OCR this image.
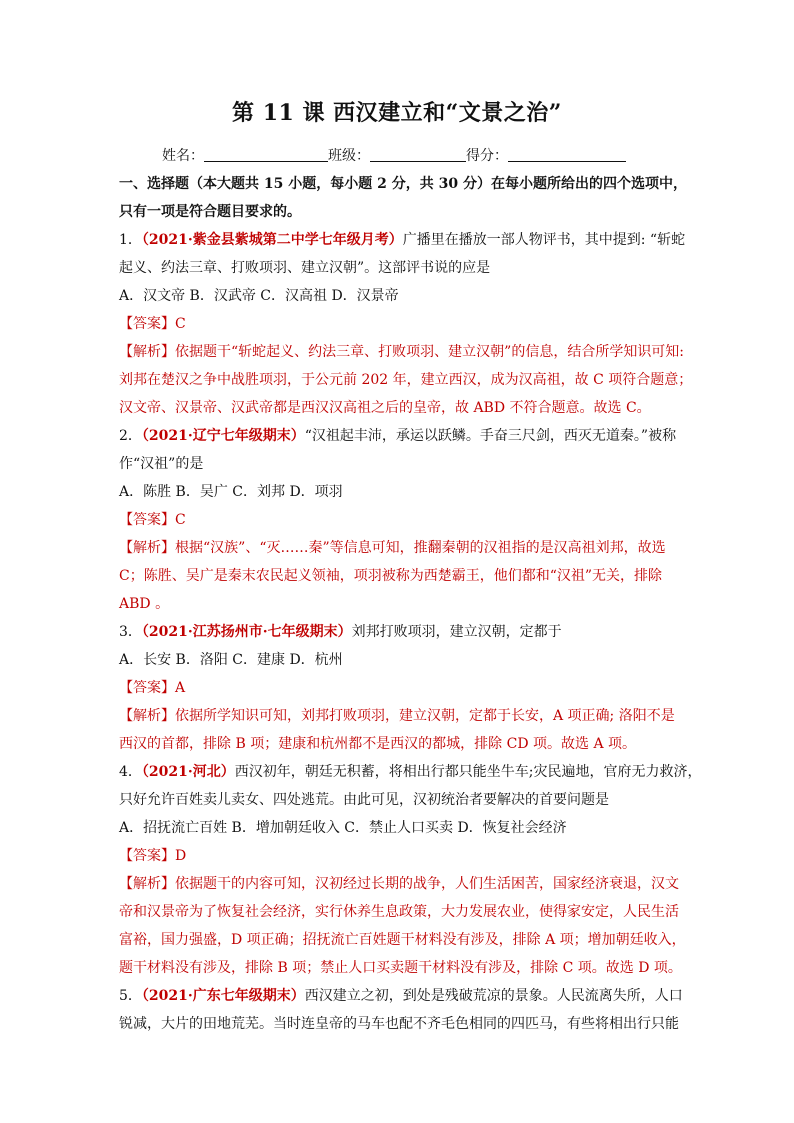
第 11 课 西汉建立和“文景之治”
姓名：	班级：	得分：
一、选择题（本大题共 15 小题，每小题 2 分，共 30 分）在每小题所给出的四个选项中，
只有一项是符合题目要求的。
1．（2021·紫金县紫城第二中学七年级月考）广播里在播放一部人物评书，其中提到: “斩蛇
起义、约法三章、打败项羽、建立汉朝”。这部评书说的应是
A．汉文帝 B．汉武帝 C．汉高祖 D．汉景帝
【答案】C
【解析】依据题干“斩蛇起义、约法三章、打败项羽、建立汉朝”的信息，结合所学知识可知:
刘邦在楚汉之争中战胜项羽，于公元前 202 年，建立西汉，成为汉高祖，故 C 项符合题意；
汉文帝、汉景帝、汉武帝都是西汉汉高祖之后的皇帝，故 ABD 不符合题意。故选 C。
2．（2021·辽宁七年级期末）“汉祖起丰沛，承运以跃鳞。手奋三尺剑，西灭无道秦。”被称
作“汉祖”的是
A．陈胜 B．吴广 C．刘邦 D．项羽
【答案】C
【解析】根据“汉族”、“灭……秦”等信息可知，推翻秦朝的汉祖指的是汉高祖刘邦，故选
C；陈胜、吴广是秦末农民起义领袖，项羽被称为西楚霸王，他们都和“汉祖”无关，排除
ABD 。
3．（2021·江苏扬州市·七年级期末）刘邦打败项羽，建立汉朝，定都于
A．长安 B．洛阳 C．建康 D．杭州
【答案】A
【解析】依据所学知识可知，刘邦打败项羽，建立汉朝，定都于长安，A 项正确; 洛阳不是
西汉的首都，排除 B 项；建康和杭州都不是西汉的都城，排除 CD 项。故选 A 项。
4．（2021·河北）西汉初年，朝廷无积蓄，将相出行都只能坐牛车;灾民遍地，官府无力救济，
只好允许百姓卖儿卖女、四处逃荒。由此可见，汉初统治者要解决的首要问题是
A．招抚流亡百姓 B．增加朝廷收入 C．禁止人口买卖 D．恢复社会经济
【答案】D
【解析】依据题干的内容可知，汉初经过长期的战争，人们生活困苦，国家经济衰退，汉文
帝和汉景帝为了恢复社会经济，实行休养生息政策，大力发展农业，使得家安定，人民生活
富裕，国力强盛，D 项正确；招抚流亡百姓题干材料没有涉及，排除 A 项；增加朝廷收入，
题干材料没有涉及，排除 B 项；禁止人口买卖题干材料没有涉及，排除 C 项。故选 D 项。
5．（2021·广东七年级期末）西汉建立之初，到处是残破荒凉的景象。人民流离失所，人口
锐减，大片的田地荒芜。当时连皇帝的马车也配不齐毛色相同的四匹马，有些将相出行只能
